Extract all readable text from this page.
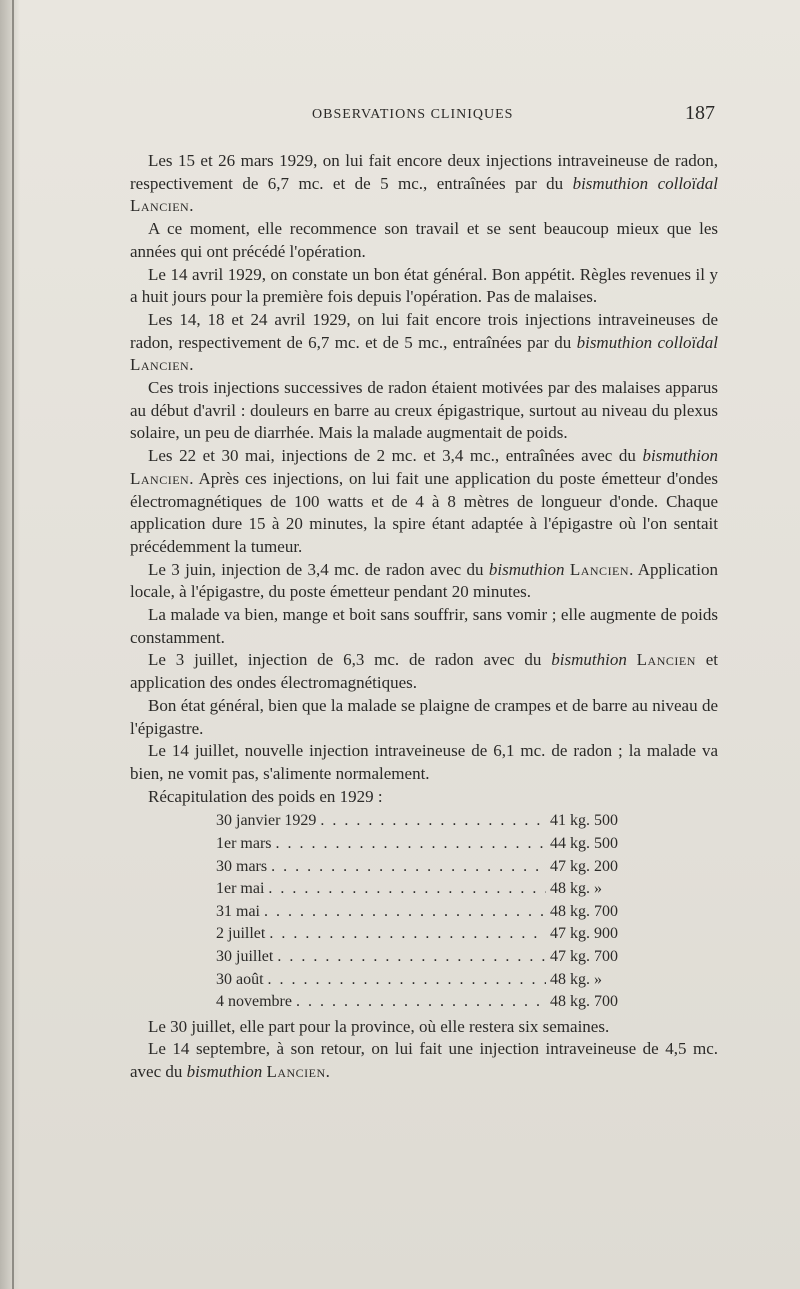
OBSERVATIONS CLINIQUES	187

Les 15 et 26 mars 1929, on lui fait encore deux injections intraveineuse de radon, respectivement de 6,7 mc. et de 5 mc., entraînées par du bismuthion colloïdal Lancien.

A ce moment, elle recommence son travail et se sent beaucoup mieux que les années qui ont précédé l'opération.

Le 14 avril 1929, on constate un bon état général. Bon appétit. Règles revenues il y a huit jours pour la première fois depuis l'opération. Pas de malaises.

Les 14, 18 et 24 avril 1929, on lui fait encore trois injections intraveineuses de radon, respectivement de 6,7 mc. et de 5 mc., entraînées par du bismuthion colloïdal Lancien.

Ces trois injections successives de radon étaient motivées par des malaises apparus au début d'avril : douleurs en barre au creux épigastrique, surtout au niveau du plexus solaire, un peu de diarrhée. Mais la malade augmentait de poids.

Les 22 et 30 mai, injections de 2 mc. et 3,4 mc., entraînées avec du bismuthion Lancien. Après ces injections, on lui fait une application du poste émetteur d'ondes électromagnétiques de 100 watts et de 4 à 8 mètres de longueur d'onde. Chaque application dure 15 à 20 minutes, la spire étant adaptée à l'épigastre où l'on sentait précédemment la tumeur.

Le 3 juin, injection de 3,4 mc. de radon avec du bismuthion Lancien. Application locale, à l'épigastre, du poste émetteur pendant 20 minutes.

La malade va bien, mange et boit sans souffrir, sans vomir ; elle augmente de poids constamment.

Le 3 juillet, injection de 6,3 mc. de radon avec du bismuthion Lancien et application des ondes électromagnétiques.

Bon état général, bien que la malade se plaigne de crampes et de barre au niveau de l'épigastre.

Le 14 juillet, nouvelle injection intraveineuse de 6,1 mc. de radon ; la malade va bien, ne vomit pas, s'alimente normalement.

Récapitulation des poids en 1929 :

30 janvier 1929 . . .	41 kg. 500
1er mars . . .	44 kg. 500
30 mars . . .	47 kg. 200
1er mai . . .	48 kg. »
31 mai . . .	48 kg. 700
2 juillet . . .	47 kg. 900
30 juillet . . .	47 kg. 700
30 août . . .	48 kg. »
4 novembre . . .	48 kg. 700

Le 30 juillet, elle part pour la province, où elle restera six semaines.

Le 14 septembre, à son retour, on lui fait une injection intraveineuse de 4,5 mc. avec du bismuthion Lancien.
